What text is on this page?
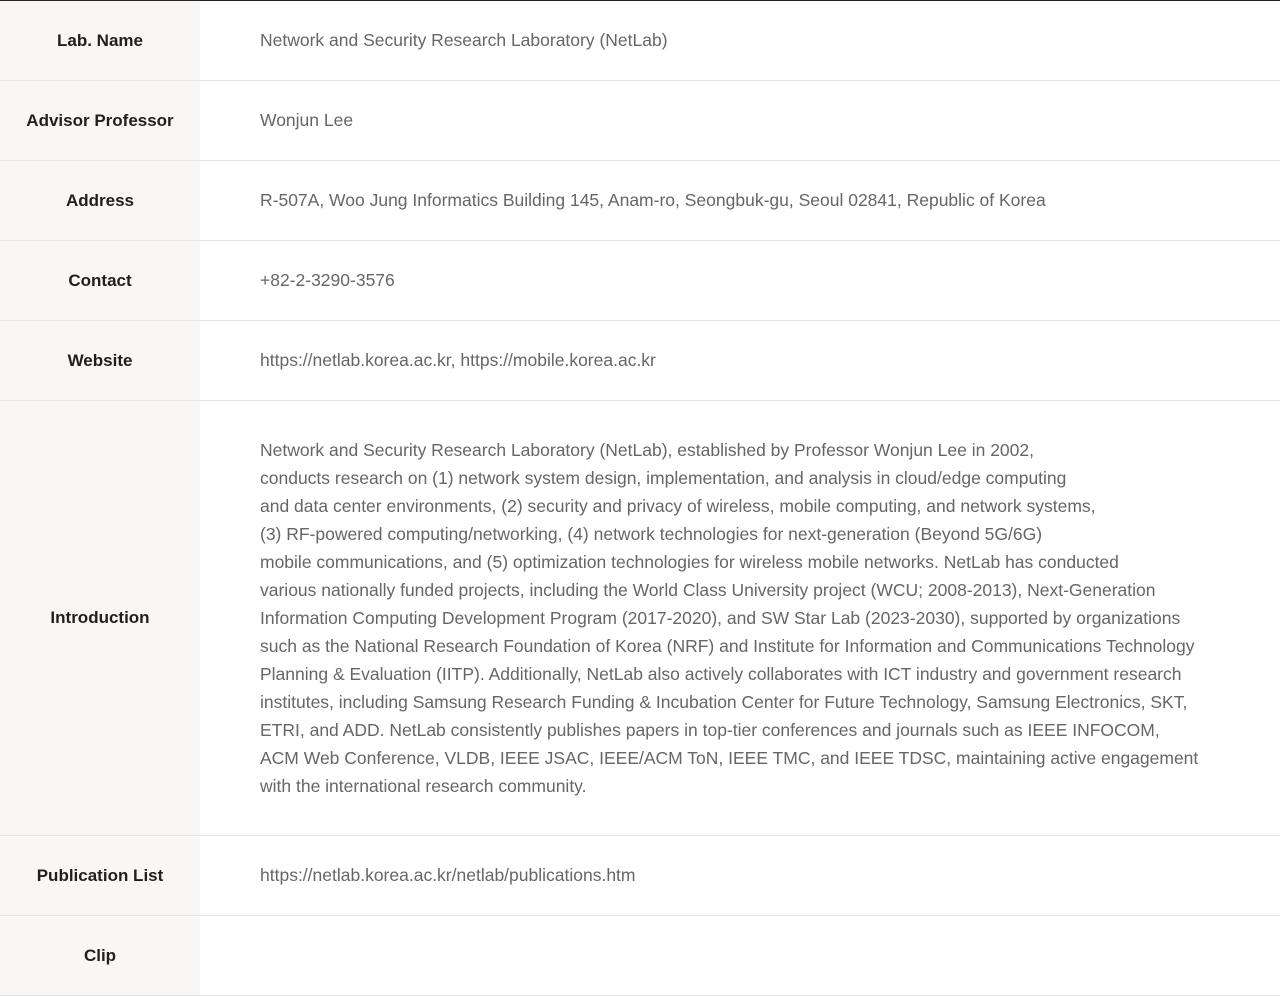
Lab. Name	Network and Security Research Laboratory (NetLab)
Advisor Professor	Wonjun Lee
Address	R-507A, Woo Jung Informatics Building 145, Anam-ro, Seongbuk-gu, Seoul 02841, Republic of Korea
Contact	+82-2-3290-3576
Website	https://netlab.korea.ac.kr, https://mobile.korea.ac.kr
Introduction
Network and Security Research Laboratory (NetLab), established by Professor Wonjun Lee in 2002,
conducts research on (1) network system design, implementation, and analysis in cloud/edge computing
and data center environments, (2) security and privacy of wireless, mobile computing, and network systems,
(3) RF-powered computing/networking, (4) network technologies for next-generation (Beyond 5G/6G)
mobile communications, and (5) optimization technologies for wireless mobile networks. NetLab has conducted
various nationally funded projects, including the World Class University project (WCU; 2008-2013), Next-Generation
Information Computing Development Program (2017-2020), and SW Star Lab (2023-2030), supported by organizations
such as the National Research Foundation of Korea (NRF) and Institute for Information and Communications Technology
Planning & Evaluation (IITP). Additionally, NetLab also actively collaborates with ICT industry and government research
institutes, including Samsung Research Funding & Incubation Center for Future Technology, Samsung Electronics, SKT,
ETRI, and ADD. NetLab consistently publishes papers in top-tier conferences and journals such as IEEE INFOCOM,
ACM Web Conference, VLDB, IEEE JSAC, IEEE/ACM ToN, IEEE TMC, and IEEE TDSC, maintaining active engagement
with the international research community.
Publication List	https://netlab.korea.ac.kr/netlab/publications.htm
Clip
